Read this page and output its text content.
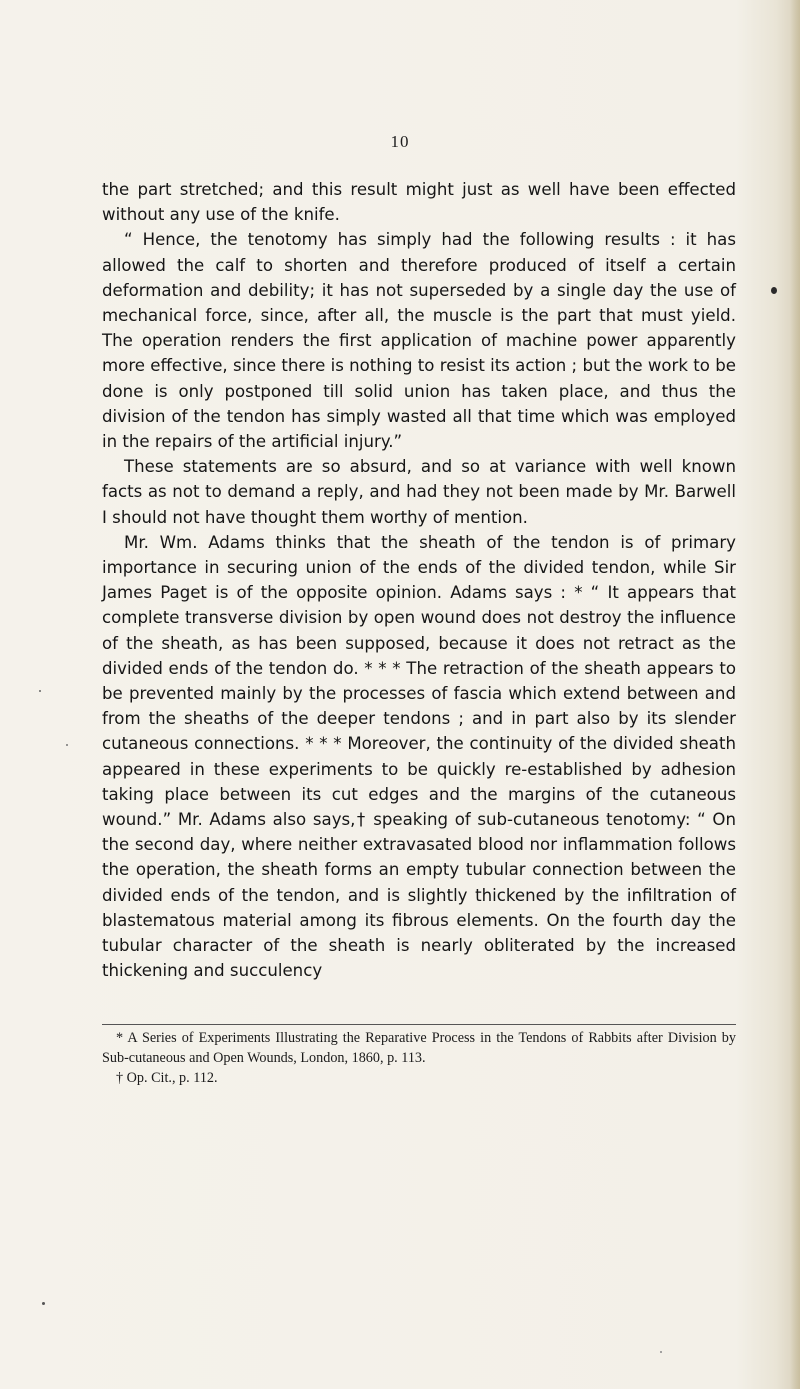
10

the part stretched; and this result might just as well have been effected without any use of the knife.

“ Hence, the tenotomy has simply had the following results : it has allowed the calf to shorten and therefore produced of itself a certain deformation and debility; it has not superseded by a single day the use of mechanical force, since, after all, the muscle is the part that must yield. The operation renders the first application of machine power apparently more effective, since there is nothing to resist its action ; but the work to be done is only postponed till solid union has taken place, and thus the division of the tendon has simply wasted all that time which was employed in the repairs of the artificial injury.”

These statements are so absurd, and so at variance with well known facts as not to demand a reply, and had they not been made by Mr. Barwell I should not have thought them worthy of mention.

Mr. Wm. Adams thinks that the sheath of the tendon is of primary importance in securing union of the ends of the divided tendon, while Sir James Paget is of the opposite opinion. Adams says : * “ It appears that complete transverse division by open wound does not destroy the influence of the sheath, as has been supposed, because it does not retract as the divided ends of the tendon do. * * * The retraction of the sheath appears to be prevented mainly by the processes of fascia which extend between and from the sheaths of the deeper tendons ; and in part also by its slender cutaneous connections. * * * Moreover, the continuity of the divided sheath appeared in these experiments to be quickly re-established by adhesion taking place between its cut edges and the margins of the cutaneous wound.” Mr. Adams also says,† speaking of sub-cutaneous tenotomy: “ On the second day, where neither extravasated blood nor inflammation follows the operation, the sheath forms an empty tubular connection between the divided ends of the tendon, and is slightly thickened by the infiltration of blastematous material among its fibrous elements. On the fourth day the tubular character of the sheath is nearly obliterated by the increased thickening and succulency

* A Series of Experiments Illustrating the Reparative Process in the Tendons of Rabbits after Division by Sub-cutaneous and Open Wounds, London, 1860, p. 113.

† Op. Cit., p. 112.
